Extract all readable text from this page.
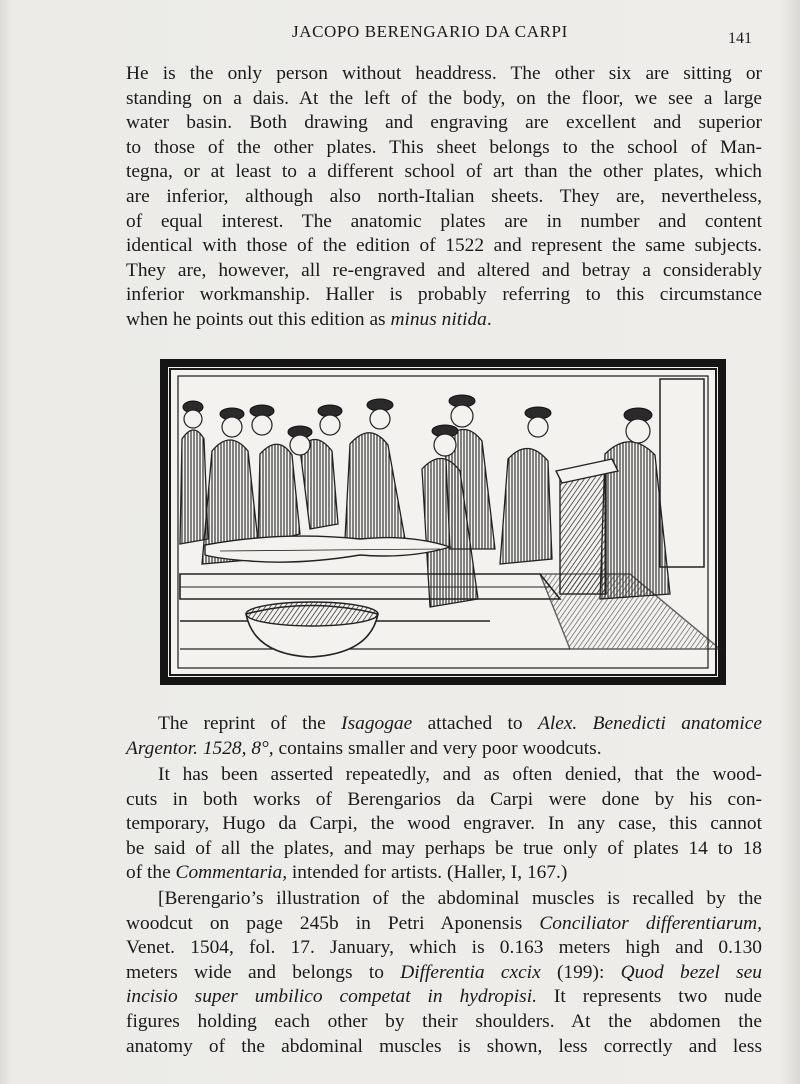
JACOPO BERENGARIO DA CARPI	141
He is the only person without headdress. The other six are sitting or
standing on a dais. At the left of the body, on the floor, we see a large
water basin. Both drawing and engraving are excellent and superior
to those of the other plates. This sheet belongs to the school of Man-
tegna, or at least to a different school of art than the other plates, which
are inferior, although also north-Italian sheets. They are, nevertheless,
of equal interest. The anatomic plates are in number and content
identical with those of the edition of 1522 and represent the same subjects.
They are, however, all re-engraved and altered and betray a considerably
inferior workmanship. Haller is probably referring to this circumstance
when he points out this edition as minus nitida.
The reprint of the Isagogae attached to Alex. Benedicti anatomice
Argentor. 1528, 8°, contains smaller and very poor woodcuts.
It has been asserted repeatedly, and as often denied, that the wood-
cuts in both works of Berengarios da Carpi were done by his con-
temporary, Hugo da Carpi, the wood engraver. In any case, this cannot
be said of all the plates, and may perhaps be true only of plates 14 to 18
of the Commentaria, intended for artists. (Haller, I, 167.)
[Berengario’s illustration of the abdominal muscles is recalled by the
woodcut on page 245b in Petri Aponensis Conciliator differentiarum,
Venet. 1504, fol. 17. January, which is 0.163 meters high and 0.130
meters wide and belongs to Differentia cxcix (199): Quod bezel seu
incisio super umbilico competat in hydropisi. It represents two nude
figures holding each other by their shoulders. At the abdomen the
anatomy of the abdominal muscles is shown, less correctly and less
